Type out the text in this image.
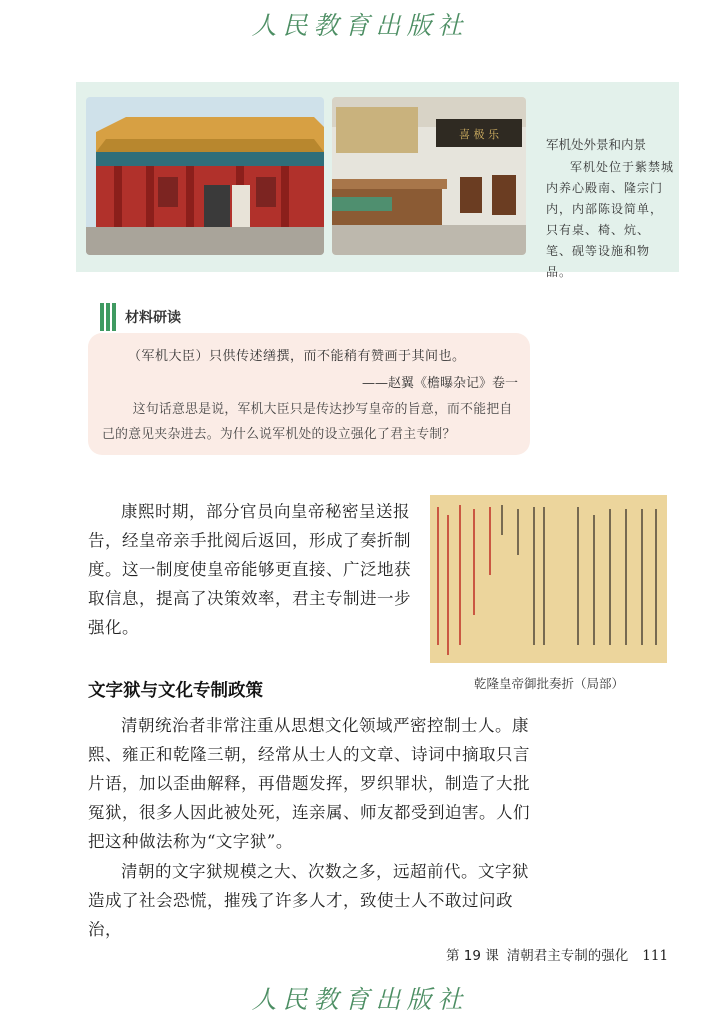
人民教育出版社
喜 极 乐
军机处外景和内景
军机处位于紫禁城内养心殿南、隆宗门内，内部陈设简单，只有桌、椅、炕、笔、砚等设施和物品。
材料研读
（军机大臣）只供传述缮撰，而不能稍有赞画于其间也。
——赵翼《檐曝杂记》卷一
这句话意思是说，军机大臣只是传达抄写皇帝的旨意，而不能把自己的意见夹杂进去。为什么说军机处的设立强化了君主专制？
康熙时期，部分官员向皇帝秘密呈送报告，经皇帝亲手批阅后返回，形成了奏折制度。这一制度使皇帝能够更直接、广泛地获取信息，提高了决策效率，君主专制进一步强化。
乾隆皇帝御批奏折（局部）
文字狱与文化专制政策
清朝统治者非常注重从思想文化领域严密控制士人。康熙、雍正和乾隆三朝，经常从士人的文章、诗词中摘取只言片语，加以歪曲解释，再借题发挥，罗织罪状，制造了大批冤狱，很多人因此被处死，连亲属、师友都受到迫害。人们把这种做法称为“文字狱”。
清朝的文字狱规模之大、次数之多，远超前代。文字狱造成了社会恐慌，摧残了许多人才，致使士人不敢过问政治，
第 19 课 清朝君主专制的强化 111
人民教育出版社
